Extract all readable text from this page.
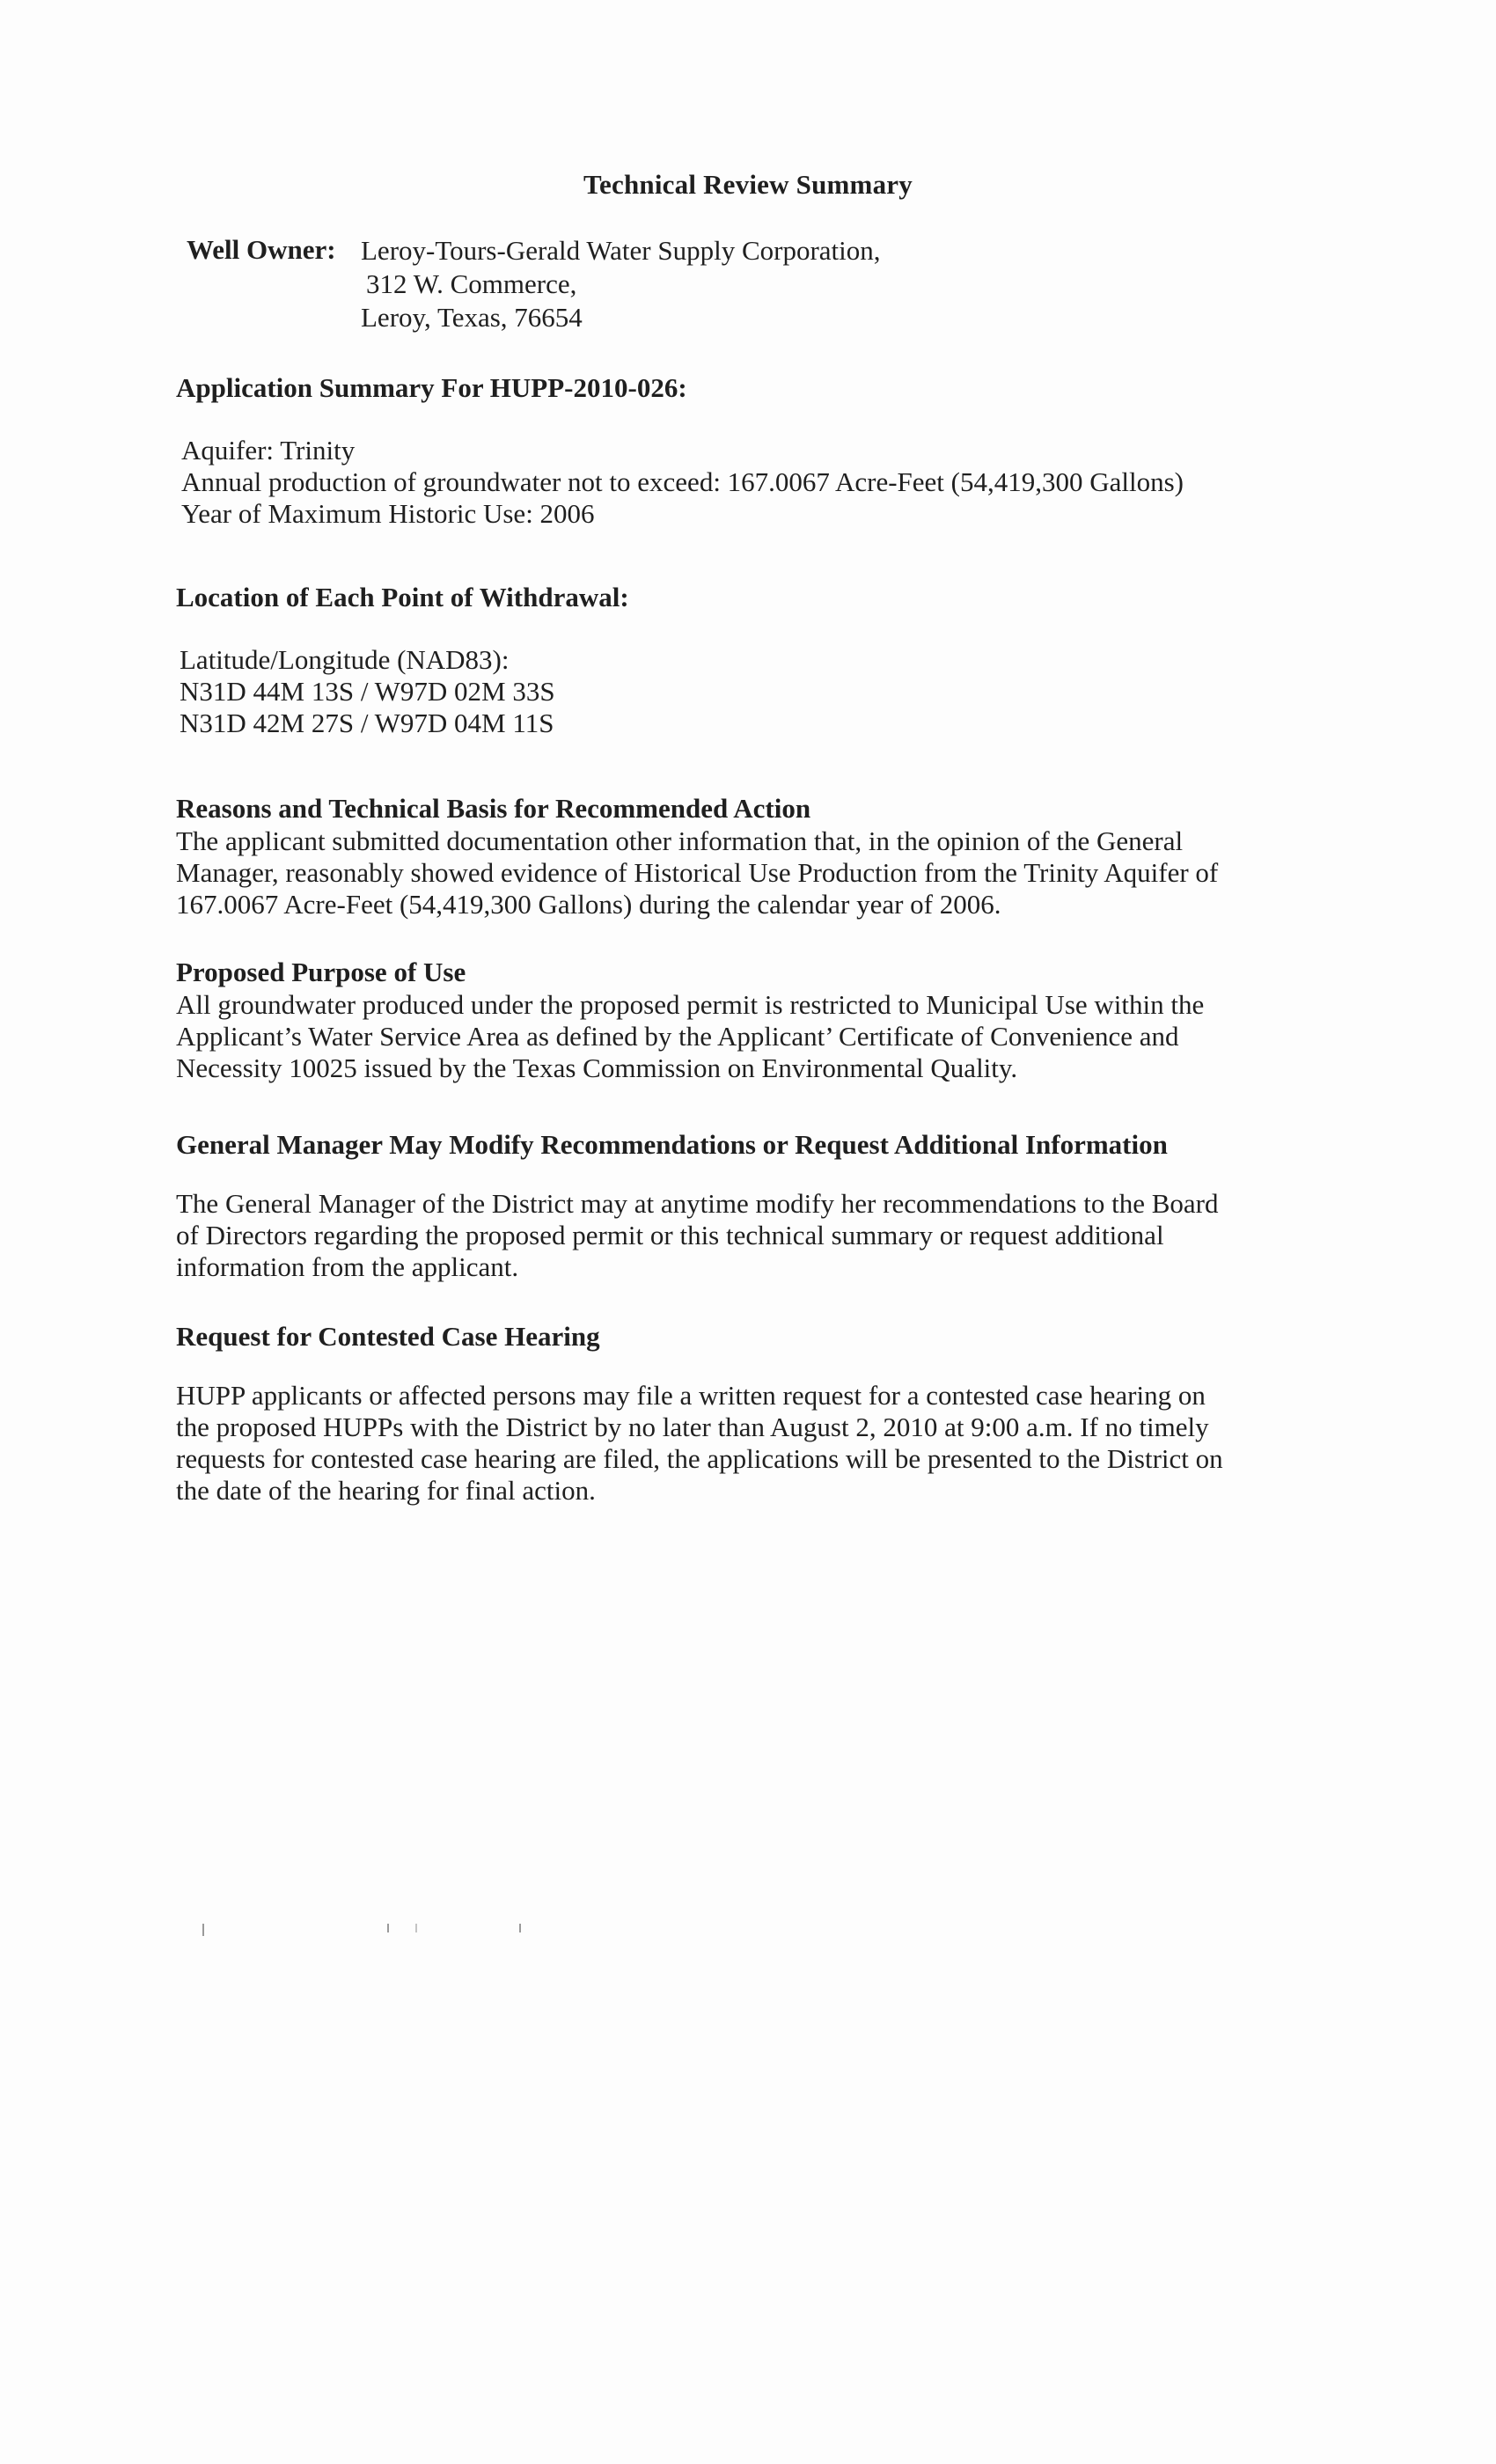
Technical Review Summary
Well Owner: Leroy-Tours-Gerald Water Supply Corporation,
312 W. Commerce,
Leroy, Texas, 76654
Application Summary For HUPP-2010-026:
Aquifer: Trinity
Annual production of groundwater not to exceed: 167.0067 Acre-Feet (54,419,300 Gallons)
Year of Maximum Historic Use: 2006
Location of Each Point of Withdrawal:
Latitude/Longitude (NAD83):
N31D 44M 13S / W97D 02M 33S
N31D 42M 27S / W97D 04M 11S
Reasons and Technical Basis for Recommended Action
The applicant submitted documentation other information that, in the opinion of the General
Manager, reasonably showed evidence of Historical Use Production from the Trinity Aquifer of
167.0067 Acre-Feet (54,419,300 Gallons) during the calendar year of 2006.
Proposed Purpose of Use
All groundwater produced under the proposed permit is restricted to Municipal Use within the
Applicant’s Water Service Area as defined by the Applicant’ Certificate of Convenience and
Necessity 10025 issued by the Texas Commission on Environmental Quality.
General Manager May Modify Recommendations or Request Additional Information
The General Manager of the District may at anytime modify her recommendations to the Board
of Directors regarding the proposed permit or this technical summary or request additional
information from the applicant.
Request for Contested Case Hearing
HUPP applicants or affected persons may file a written request for a contested case hearing on
the proposed HUPPs with the District by no later than August 2, 2010 at 9:00 a.m. If no timely
requests for contested case hearing are filed, the applications will be presented to the District on
the date of the hearing for final action.
